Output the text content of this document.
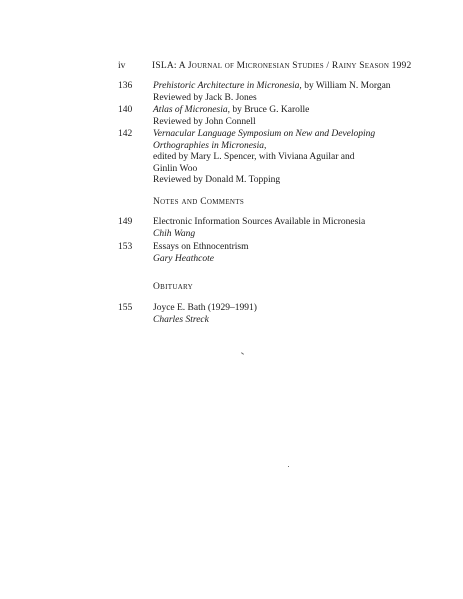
iv	ISLA: A Journal of Micronesian Studies / Rainy Season 1992
136 Prehistoric Architecture in Micronesia, by William N. Morgan
Reviewed by Jack B. Jones
140 Atlas of Micronesia, by Bruce G. Karolle
Reviewed by John Connell
142 Vernacular Language Symposium on New and Developing
Orthographies in Micronesia,
edited by Mary L. Spencer, with Viviana Aguilar and
Ginlin Woo
Reviewed by Donald M. Topping
Notes and Comments
149 Electronic Information Sources Available in Micronesia
Chih Wang
153 Essays on Ethnocentrism
Gary Heathcote
Obituary
155 Joyce E. Bath (1929–1991)
Charles Streck
